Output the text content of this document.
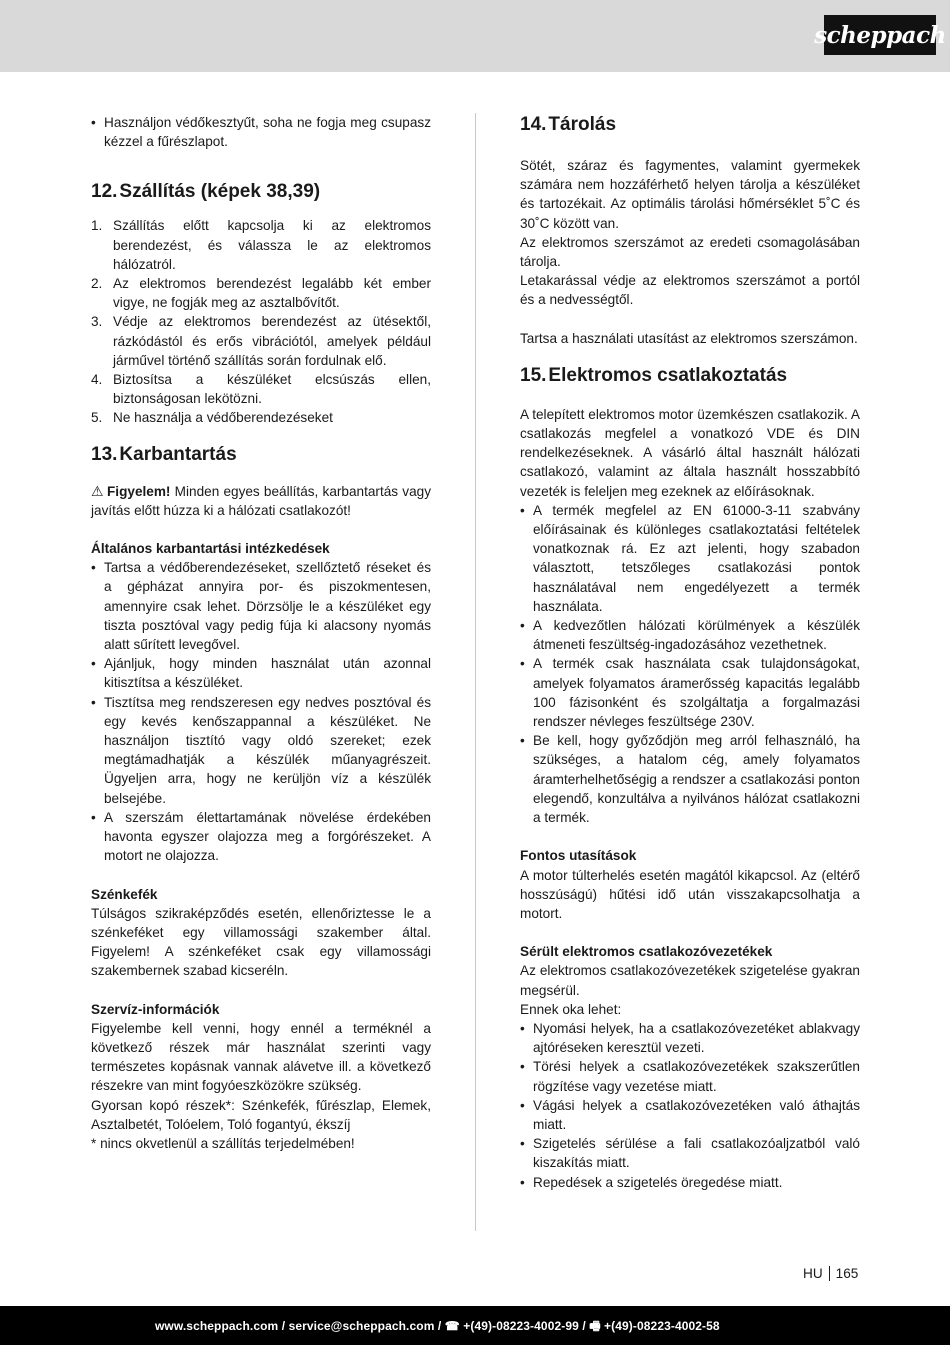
scheppach
• Használjon védőkesztyűt, soha ne fogja meg csupasz kézzel a fűrészlapot.
12. Szállítás (képek 38,39)
1. Szállítás előtt kapcsolja ki az elektromos berendezést, és válassza le az elektromos hálózatról.
2. Az elektromos berendezést legalább két ember vigye, ne fogják meg az asztalbővítőt.
3. Védje az elektromos berendezést az ütésektől, rázkódástól és erős vibrációtól, amelyek például járművel történő szállítás során fordulnak elő.
4. Biztosítsa a készüléket elcsúszás ellen, biztonságosan lekötözni.
5. Ne használja a védőberendezéseket
13. Karbantartás
⚠ Figyelem! Minden egyes beállítás, karbantartás vagy javítás előtt húzza ki a hálózati csatlakozót!
Általános karbantartási intézkedések
• Tartsa a védőberendezéseket, szellőztető réseket és a gépházat annyira por- és piszokmentesen, amennyire csak lehet. Dörzsölje le a készüléket egy tiszta posztóval vagy pedig fúja ki alacsony nyomás alatt sűrített levegővel.
• Ajánljuk, hogy minden használat után azonnal kitisztítsa a készüléket.
• Tisztítsa meg rendszeresen egy nedves posztóval és egy kevés kenőszappannal a készüléket. Ne használjon tisztító vagy oldó szereket; ezek megtámadhatják a készülék műanyagrészeit. Ügyeljen arra, hogy ne kerüljön víz a készülék belsejébe.
• A szerszám élettartamának növelése érdekében havonta egyszer olajozza meg a forgórészeket. A motort ne olajozza.
Szénkefék
Túlságos szikraképződés esetén, ellenőriztesse le a szénkeféket egy villamossági szakember által. Figyelem! A szénkeféket csak egy villamossági szakembernek szabad kicseréln.
Szervíz-információk
Figyelembe kell venni, hogy ennél a terméknél a következő részek már használat szerinti vagy természetes kopásnak vannak alávetve ill. a következő részekre van mint fogyóeszközökre szükség.
Gyorsan kopó részek*: Szénkefék, fűrészlap, Elemek, Asztalbetét, Tolóelem, Toló fogantyú, ékszíj
* nincs okvetlenül a szállítás terjedelmében!
14. Tárolás
Sötét, száraz és fagymentes, valamint gyermekek számára nem hozzáférhető helyen tárolja a készüléket és tartozékait. Az optimális tárolási hőmérséklet 5˚C és 30˚C között van.
Az elektromos szerszámot az eredeti csomagolásában tárolja.
Letakarással védje az elektromos szerszámot a portól és a nedvességtől.
Tartsa a használati utasítást az elektromos szerszámon.
15. Elektromos csatlakoztatás
A telepített elektromos motor üzemkészen csatlakozik. A csatlakozás megfelel a vonatkozó VDE és DIN rendelkezéseknek. A vásárló által használt hálózati csatlakozó, valamint az általa használt hosszabbító vezeték is feleljen meg ezeknek az előírásoknak.
• A termék megfelel az EN 61000-3-11 szabvány előírásainak és különleges csatlakoztatási feltételek vonatkoznak rá. Ez azt jelenti, hogy szabadon választott, tetszőleges csatlakozási pontok használatával nem engedélyezett a termék használata.
• A kedvezőtlen hálózati körülmények a készülék átmeneti feszültség-ingadozásához vezethetnek.
• A termék csak használata csak tulajdonságokat, amelyek folyamatos áramerősség kapacitás legalább 100 fázisonként és szolgáltatja a forgalmazási rendszer névleges feszültsége 230V.
• Be kell, hogy győződjön meg arról felhasználó, ha szükséges, a hatalom cég, amely folyamatos áramterhelhetőségig a rendszer a csatlakozási ponton elegendő, konzultálva a nyilvános hálózat csatlakozni a termék.
Fontos utasítások
A motor túlterhelés esetén magától kikapcsol. Az (eltérő hosszúságú) hűtési idő után visszakapcsolhatja a motort.
Sérült elektromos csatlakozóvezetékek
Az elektromos csatlakozóvezetékek szigetelése gyakran megsérül.
Ennek oka lehet:
• Nyomási helyek, ha a csatlakozóvezetéket ablakvagy ajtóréseken keresztül vezeti.
• Törési helyek a csatlakozóvezetékek szakszerűtlen rögzítése vagy vezetése miatt.
• Vágási helyek a csatlakozóvezetéken való áthajtás miatt.
• Szigetelés sérülése a fali csatlakozóaljzatból való kiszakítás miatt.
• Repedések a szigetelés öregedése miatt.
HU 165
www.scheppach.com / service@scheppach.com / ☎ +(49)-08223-4002-99 / 🖷 +(49)-08223-4002-58
